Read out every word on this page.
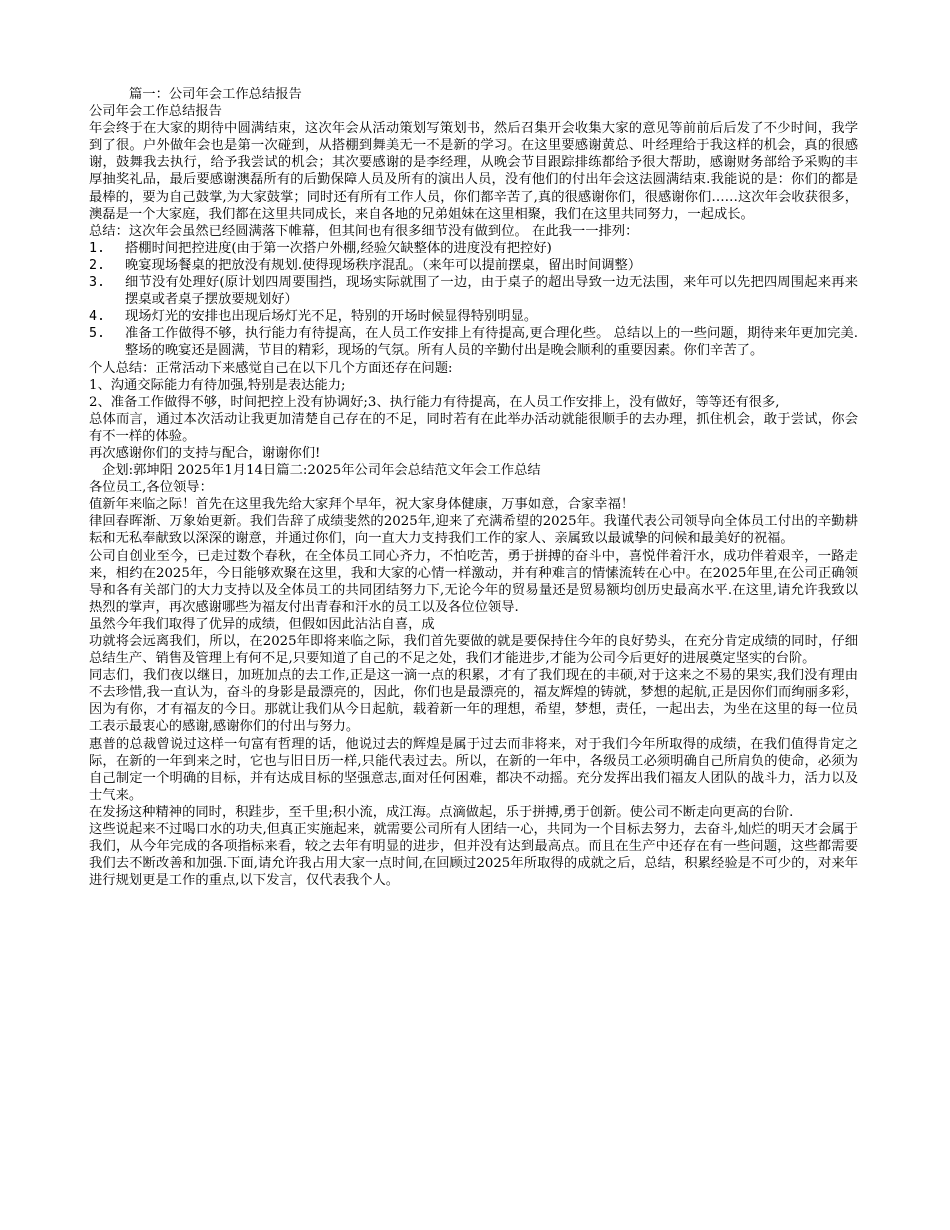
篇一：公司年会工作总结报告

公司年会工作总结报告

年会终于在大家的期待中圆满结束，这次年会从活动策划写策划书，然后召集开会收集大家的意见等前前后后发了不少时间，我学到了很。户外做年会也是第一次碰到，从搭棚到舞美无一不是新的学习。在这里要感谢黄总、叶经理给于我这样的机会，真的很感谢，鼓舞我去执行，给予我尝试的机会；其次要感谢的是李经理，从晚会节目跟踪排练都给予很大帮助，感谢财务部给予采购的丰厚抽奖礼品，最后要感谢澳磊所有的后勤保障人员及所有的演出人员，没有他们的付出年会这法圆满结束.我能说的是：你们的都是最棒的，要为自己鼓掌,为大家鼓掌；同时还有所有工作人员，你们都辛苦了,真的很感谢你们，很感谢你们……这次年会收获很多，澳磊是一个大家庭，我们都在这里共同成长，来自各地的兄弟姐妹在这里相聚，我们在这里共同努力，一起成长。

总结：这次年会虽然已经圆满落下帷幕，但其间也有很多细节没有做到位。 在此我一一排列：

1.	搭棚时间把控进度(由于第一次搭户外棚,经验欠缺整体的进度没有把控好)
2.	晚宴现场餐桌的把放没有规划.使得现场秩序混乱。（来年可以提前摆桌，留出时间调整）
3.	细节没有处理好(原计划四周要围挡，现场实际就围了一边，由于桌子的超出导致一边无法围，来年可以先把四周围起来再来摆桌或者桌子摆放要规划好）
4.	现场灯光的安排也出现后场灯光不足，特别的开场时候显得特别明显。
5.	准备工作做得不够，执行能力有待提高，在人员工作安排上有待提高,更合理化些。 总结以上的一些问题，期待来年更加完美.整场的晚宴还是圆满，节目的精彩，现场的气氛。所有人员的辛勤付出是晚会顺利的重要因素。你们辛苦了。

个人总结：正常活动下来感觉自己在以下几个方面还存在问题:

1、沟通交际能力有待加强,特别是表达能力;

2、准备工作做得不够，时间把控上没有协调好;3、执行能力有待提高，在人员工作安排上，没有做好，等等还有很多,

总体而言，通过本次活动让我更加清楚自己存在的不足，同时若有在此举办活动就能很顺手的去办理，抓住机会，敢于尝试，你会有不一样的体验。

再次感谢你们的支持与配合，谢谢你们!

企划:郭坤阳 2025年1月14日篇二:2025年公司年会总结范文年会工作总结

各位员工,各位领导：

值新年来临之际！首先在这里我先给大家拜个早年，祝大家身体健康，万事如意，合家幸福！

律回春晖渐、万象始更新。我们告辞了成绩斐然的2025年,迎来了充满希望的2025年。我谨代表公司领导向全体员工付出的辛勤耕耘和无私奉献致以深深的谢意，并通过你们，向一直大力支持我们工作的家人、亲属致以最诚挚的问候和最美好的祝福。

公司自创业至今，已走过数个春秋，在全体员工同心齐力，不怕吃苦，勇于拼搏的奋斗中，喜悦伴着汗水，成功伴着艰辛，一路走来，相约在2025年，今日能够欢聚在这里，我和大家的心情一样激动，并有种难言的情愫流转在心中。在2025年里,在公司正确领导和各有关部门的大力支持以及全体员工的共同团结努力下,无论今年的贸易量还是贸易额均创历史最高水平.在这里,请允许我致以热烈的掌声，再次感谢哪些为福友付出青春和汗水的员工以及各位位领导.

虽然今年我们取得了优异的成绩，但假如因此沾沾自喜，成

功就将会远离我们，所以，在2025年即将来临之际，我们首先要做的就是要保持住今年的良好势头，在充分肯定成绩的同时，仔细总结生产、销售及管理上有何不足,只要知道了自己的不足之处，我们才能进步,才能为公司今后更好的进展奠定坚实的台阶。

同志们，我们夜以继日，加班加点的去工作,正是这一滴一点的积累，才有了我们现在的丰硕,对于这来之不易的果实,我们没有理由不去珍惜,我一直认为，奋斗的身影是最漂亮的，因此，你们也是最漂亮的，福友辉煌的铸就，梦想的起航,正是因你们而绚丽多彩，因为有你，才有福友的今日。那就让我们从今日起航，载着新一年的理想，希望，梦想，责任，一起出去，为坐在这里的每一位员工表示最衷心的感谢,感谢你们的付出与努力。

惠普的总裁曾说过这样一句富有哲理的话，他说过去的辉煌是属于过去而非将来，对于我们今年所取得的成绩，在我们值得肯定之际，在新的一年到来之时，它也与旧日历一样,只能代表过去。所以，在新的一年中，各级员工必须明确自己所肩负的使命，必须为自己制定一个明确的目标，并有达成目标的坚强意志,面对任何困难，都决不动摇。充分发挥出我们福友人团队的战斗力，活力以及士气来。

在发扬这种精神的同时，积跬步，至千里;积小流，成江海。点滴做起，乐于拼搏,勇于创新。使公司不断走向更高的台阶.

这些说起来不过喝口水的功夫,但真正实施起来，就需要公司所有人团结一心，共同为一个目标去努力，去奋斗,灿烂的明天才会属于我们，从今年完成的各项指标来看，较之去年有明显的进步，但并没有达到最高点。而且在生产中还存在有一些问题，这些都需要我们去不断改善和加强.下面,请允许我占用大家一点时间,在回顾过2025年所取得的成就之后，总结，积累经验是不可少的，对来年进行规划更是工作的重点,以下发言，仅代表我个人。
